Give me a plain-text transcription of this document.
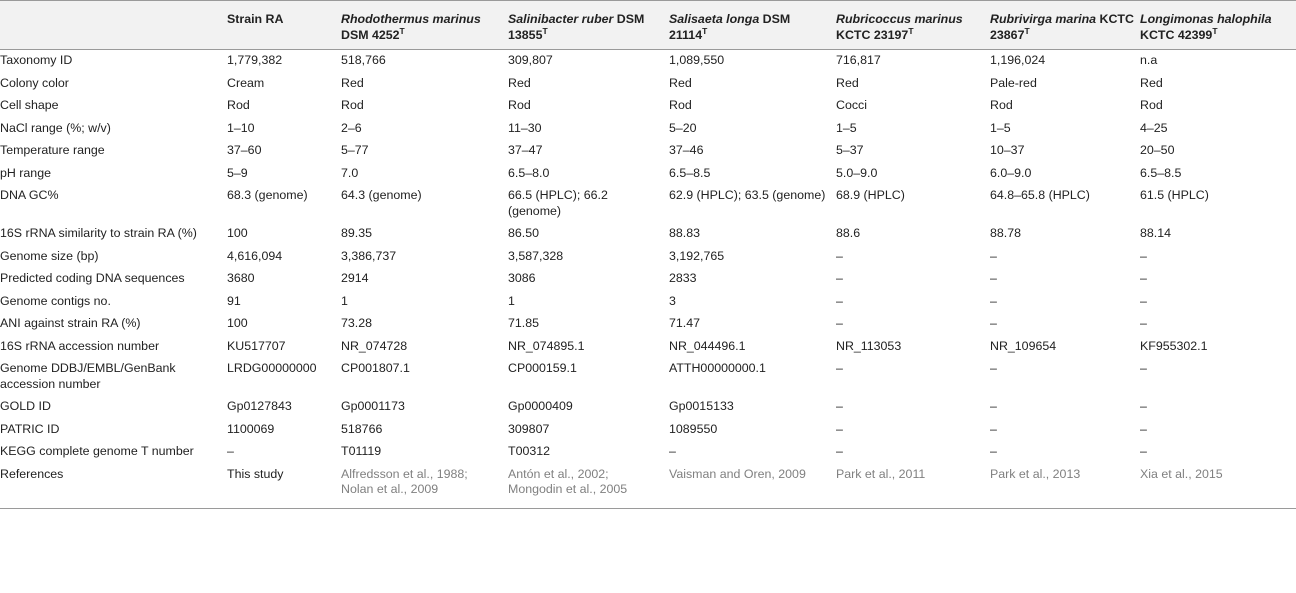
	Strain RA	Rhodothermus marinus DSM $4252^T$	Salinibacter ruber DSM $13855^T$	Salisaeta longa DSM $21114^T$	Rubricoccus marinus KCTC $23197^T$	Rubrivirga marina KCTC $23867^T$	Longimonas halophila KCTC $42399^T$
Taxonomy ID	1,779,382	518,766	309,807	1,089,550	716,817	1,196,024	n.a
Colony color	Cream	Red	Red	Red	Red	Pale-red	Red
Cell shape	Rod	Rod	Rod	Rod	Cocci	Rod	Rod
NaCl range (%; w/v)	1–10	2–6	11–30	5–20	1–5	1–5	4–25
Temperature range	37–60	5–77	37–47	37–46	5–37	10–37	20–50
pH range	5–9	7.0	6.5–8.0	6.5–8.5	5.0–9.0	6.0–9.0	6.5–8.5
DNA GC%	68.3 (genome)	64.3 (genome)	66.5 (HPLC); 66.2 (genome)	62.9 (HPLC); 63.5 (genome)	68.9 (HPLC)	64.8–65.8 (HPLC)	61.5 (HPLC)
16S rRNA similarity to strain RA (%)	100	89.35	86.50	88.83	88.6	88.78	88.14
Genome size (bp)	4,616,094	3,386,737	3,587,328	3,192,765	–	–	–
Predicted coding DNA sequences	3680	2914	3086	2833	–	–	–
Genome contigs no.	91	1	1	3	–	–	–
ANI against strain RA (%)	100	73.28	71.85	71.47	–	–	–
16S rRNA accession number	KU517707	NR_074728	NR_074895.1	NR_044496.1	NR_113053	NR_109654	KF955302.1
Genome DDBJ/EMBL/GenBank accession number	LRDG00000000	CP001807.1	CP000159.1	ATTH00000000.1	–	–	–
GOLD ID	Gp0127843	Gp0001173	Gp0000409	Gp0015133	–	–	–
PATRIC ID	1100069	518766	309807	1089550	–	–	–
KEGG complete genome T number	–	T01119	T00312	–	–	–	–
References	This study	Alfredsson et al., 1988; Nolan et al., 2009	Antón et al., 2002; Mongodin et al., 2005	Vaisman and Oren, 2009	Park et al., 2011	Park et al., 2013	Xia et al., 2015
